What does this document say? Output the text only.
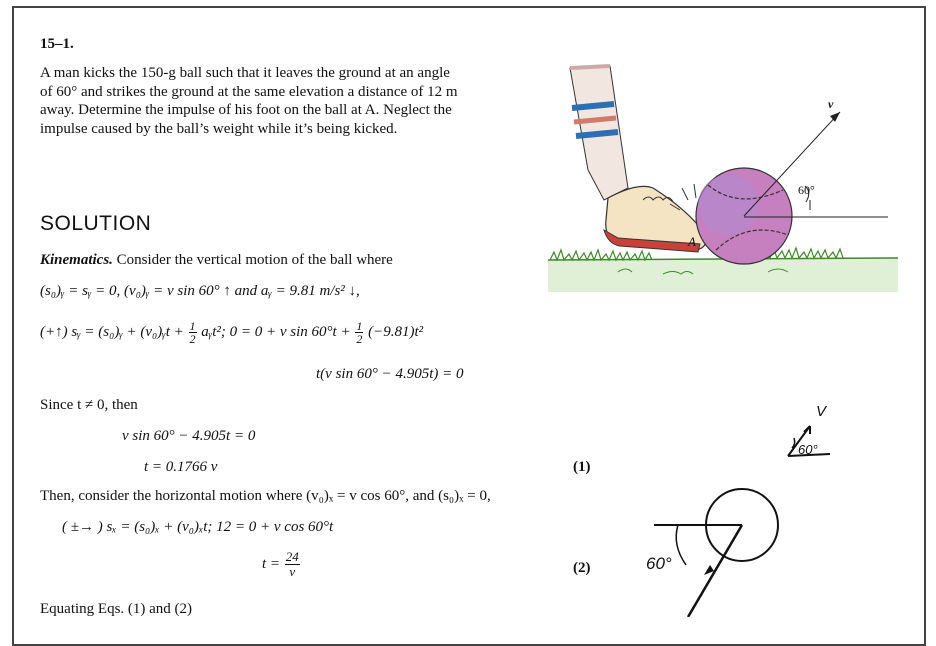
15–1.
A man kicks the 150-g ball such that it leaves the ground at an angle of 60° and strikes the ground at the same elevation a distance of 12 m away. Determine the impulse of his foot on the ball at A. Neglect the impulse caused by the ball’s weight while it’s being kicked.
A
v
60°
SOLUTION
Kinematics. Consider the vertical motion of the ball where
(s₀)ᵧ = sᵧ = 0, (v₀)ᵧ = v sin 60° ↑ and aᵧ = 9.81 m/s² ↓,
(+↑) sᵧ = (s₀)ᵧ + (v₀)ᵧt + $\frac{1}{2}$ aᵧt²; 0 = 0 + v $\sin 60^\circ t + \frac{1}{2} (-9.81)t^2$
t(v sin 60° − 4.905t) = 0
Since t ≠ 0, then
v sin 60° − 4.905t = 0
t = 0.1766 v	(1)
Then, consider the horizontal motion where (v₀)ₓ = v cos 60°, and (s₀)ₓ = 0,
( ±→ ) sₓ = (s₀)ₓ + (v₀)ₓt; 12 = 0 + v cos 60°t
$t = \frac{24}{v}$	(2)
Equating Eqs. (1) and (2)
V
60°
60°
